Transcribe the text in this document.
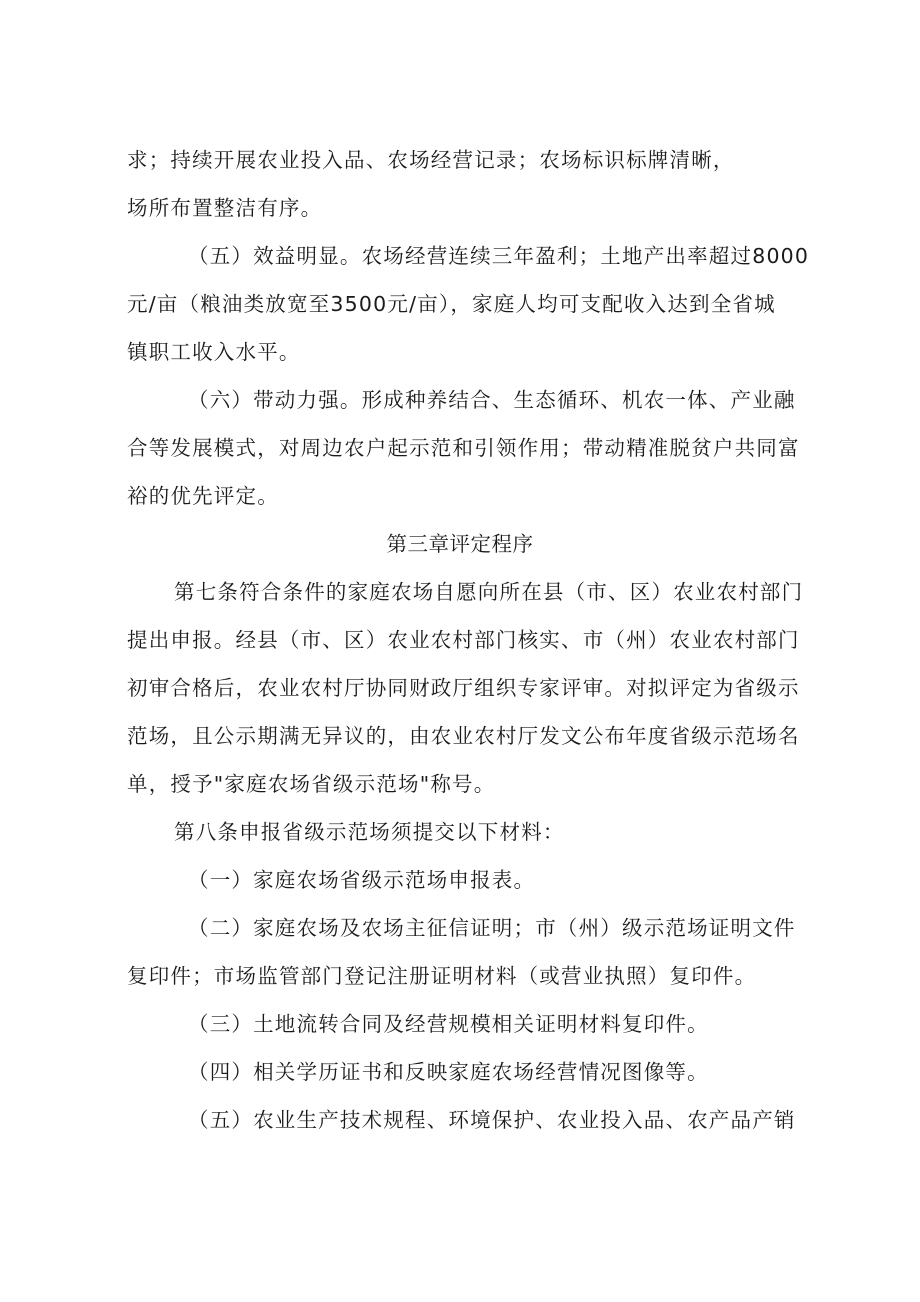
求；持续开展农业投入品、农场经营记录；农场标识标牌清晰，

场所布置整洁有序。

（五）效益明显。农场经营连续三年盈利；土地产出率超过8000

元/亩（粮油类放宽至3500元/亩），家庭人均可支配收入达到全省城

镇职工收入水平。

（六）带动力强。形成种养结合、生态循环、机农一体、产业融

合等发展模式，对周边农户起示范和引领作用；带动精准脱贫户共同富

裕的优先评定。

第三章评定程序

第七条符合条件的家庭农场自愿向所在县（市、区）农业农村部门

提出申报。经县（市、区）农业农村部门核实、市（州）农业农村部门

初审合格后，农业农村厅协同财政厅组织专家评审。对拟评定为省级示

范场，且公示期满无异议的，由农业农村厅发文公布年度省级示范场名

单，授予"家庭农场省级示范场"称号。

第八条申报省级示范场须提交以下材料：

（一）家庭农场省级示范场申报表。

（二）家庭农场及农场主征信证明；市（州）级示范场证明文件

复印件；市场监管部门登记注册证明材料（或营业执照）复印件。

（三）土地流转合同及经营规模相关证明材料复印件。

（四）相关学历证书和反映家庭农场经营情况图像等。

（五）农业生产技术规程、环境保护、农业投入品、农产品产销
